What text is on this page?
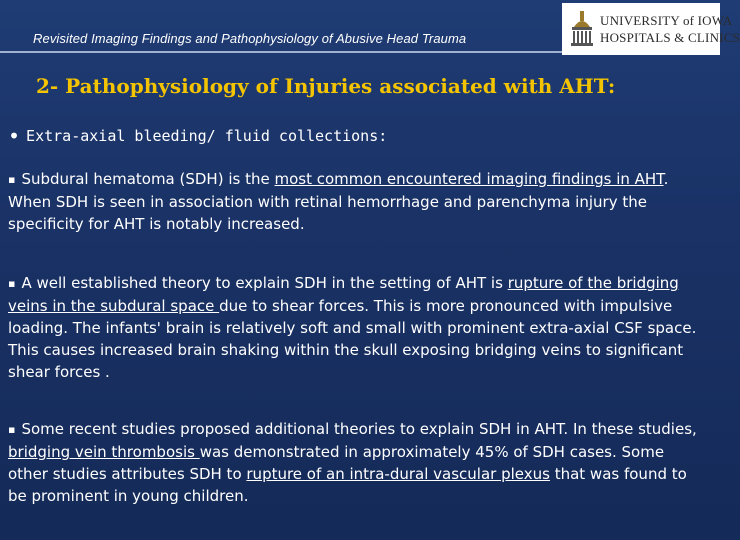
Revisited Imaging Findings and Pathophysiology of Abusive Head Trauma
UNIVERSITY of IOWA
HOSPITALS & CLINICS
2- Pathophysiology of Injuries associated with AHT:
• Extra-axial bleeding/ fluid collections:
▪ Subdural hematoma (SDH) is the most common encountered imaging findings in AHT. When SDH is seen in association with retinal hemorrhage and parenchyma injury the specificity for AHT is notably increased.
▪ A well established theory to explain SDH in the setting of AHT is rupture of the bridging veins in the subdural space due to shear forces. This is more pronounced with impulsive loading. The infants' brain is relatively soft and small with prominent extra-axial CSF space. This causes increased brain shaking within the skull exposing bridging veins to significant shear forces .
▪ Some recent studies proposed additional theories to explain SDH in AHT. In these studies, bridging vein thrombosis was demonstrated in approximately 45% of SDH cases. Some other studies attributes SDH to rupture of an intra-dural vascular plexus that was found to be prominent in young children.
